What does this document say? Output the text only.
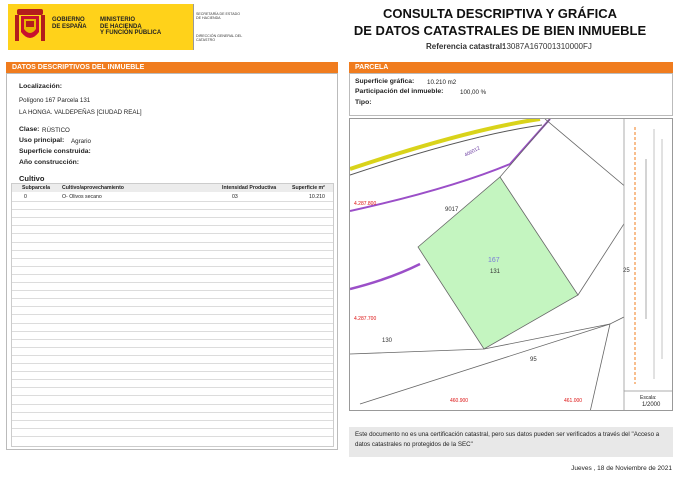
GOBIERNO
DE ESPAÑA
MINISTERIO
DE HACIENDA
Y FUNCIÓN PÚBLICA
SECRETARÍA DE ESTADO DE HACIENDA
DIRECCIÓN GENERAL DEL CATASTRO
CONSULTA DESCRIPTIVA Y GRÁFICA
DE DATOS CATASTRALES DE BIEN INMUEBLE
Referencia catastral:
13087A167001310000FJ
DATOS DESCRIPTIVOS DEL INMUEBLE
Localización:
Polígono 167 Parcela 131
LA HONGA. VALDEPEÑAS [CIUDAD REAL]
Clase: RÚSTICO
Uso principal: Agrario
Superficie construida:
Año construcción:
Cultivo
Subparcela Cultivo/aprovechamiento	Intensidad Productiva	Superficie m²
0	O- Olivos secano	03	10.210
PARCELA
Superficie gráfica: 10.210 m2
Participación del inmueble:	100,00 %
Tipo:
Escala:
1/2000
406012
4.287.800
4.287.700
460.900	461.000
9017
167
131
130
95
25
Este documento no es una certificación catastral, pero sus datos pueden ser verificados a través del "Acceso a datos catastrales no protegidos de la SEC"
Jueves , 18 de Noviembre de 2021
